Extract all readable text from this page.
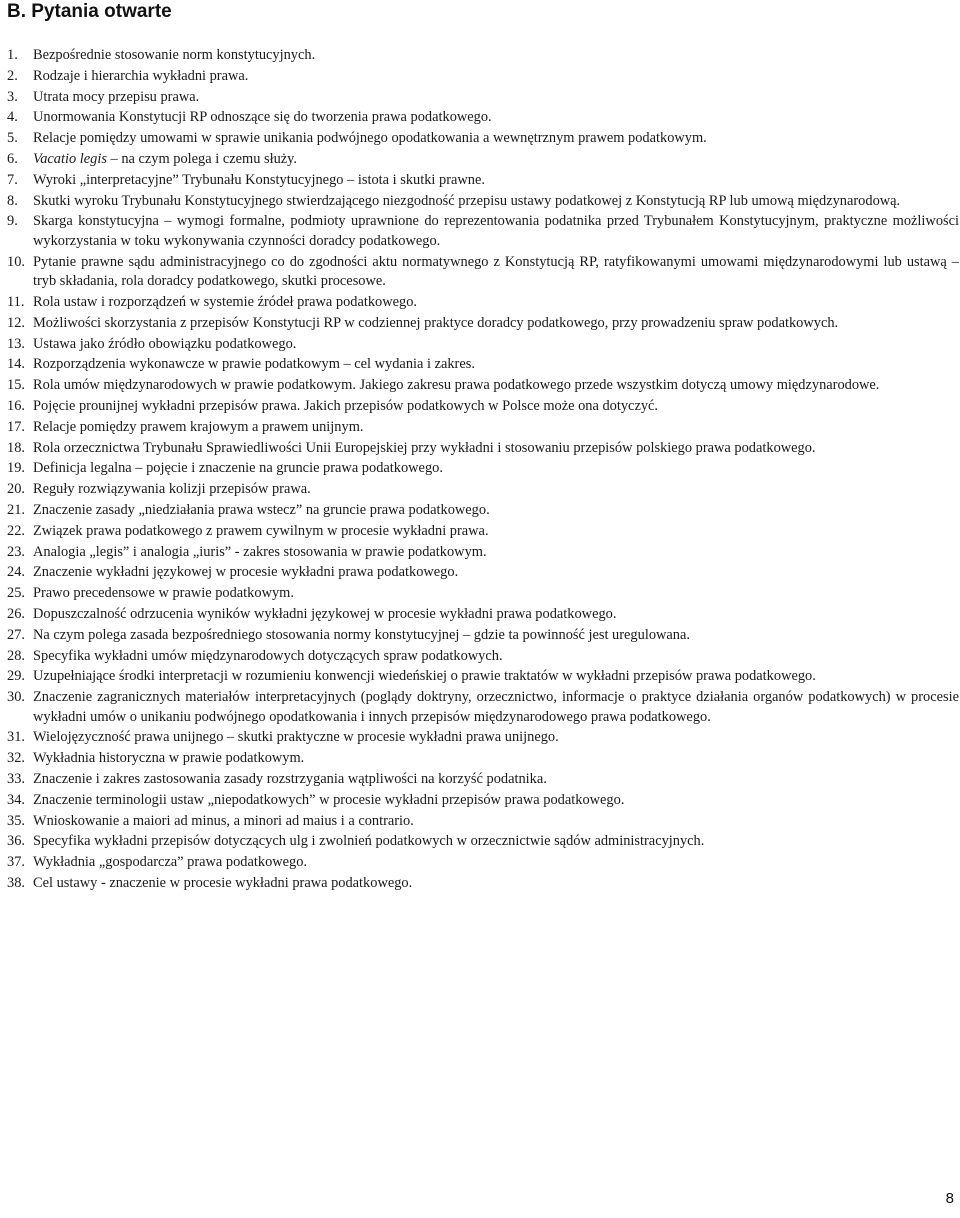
B. Pytania otwarte
1. Bezpośrednie stosowanie norm konstytucyjnych.
2. Rodzaje i hierarchia wykładni prawa.
3. Utrata mocy przepisu prawa.
4. Unormowania Konstytucji RP odnoszące się do tworzenia prawa podatkowego.
5. Relacje pomiędzy umowami w sprawie unikania podwójnego opodatkowania a wewnętrznym prawem podatkowym.
6. Vacatio legis – na czym polega i czemu służy.
7. Wyroki „interpretacyjne” Trybunału Konstytucyjnego – istota i skutki prawne.
8. Skutki wyroku Trybunału Konstytucyjnego stwierdzającego niezgodność przepisu ustawy podatkowej z Konstytucją RP lub umową międzynarodową.
9. Skarga konstytucyjna – wymogi formalne, podmioty uprawnione do reprezentowania podatnika przed Trybunałem Konstytucyjnym, praktyczne możliwości wykorzystania w toku wykonywania czynności doradcy podatkowego.
10. Pytanie prawne sądu administracyjnego co do zgodności aktu normatywnego z Konstytucją RP, ratyfikowanymi umowami międzynarodowymi lub ustawą – tryb składania, rola doradcy podatkowego, skutki procesowe.
11. Rola ustaw i rozporządzeń w systemie źródeł prawa podatkowego.
12. Możliwości skorzystania z przepisów Konstytucji RP w codziennej praktyce doradcy podatkowego, przy prowadzeniu spraw podatkowych.
13. Ustawa jako źródło obowiązku podatkowego.
14. Rozporządzenia wykonawcze w prawie podatkowym – cel wydania i zakres.
15. Rola umów międzynarodowych w prawie podatkowym. Jakiego zakresu prawa podatkowego przede wszystkim dotyczą umowy międzynarodowe.
16. Pojęcie prounijnej wykładni przepisów prawa. Jakich przepisów podatkowych w Polsce może ona dotyczyć.
17. Relacje pomiędzy prawem krajowym a prawem unijnym.
18. Rola orzecznictwa Trybunału Sprawiedliwości Unii Europejskiej przy wykładni i stosowaniu przepisów polskiego prawa podatkowego.
19. Definicja legalna – pojęcie i znaczenie na gruncie prawa podatkowego.
20. Reguły rozwiązywania kolizji przepisów prawa.
21. Znaczenie zasady „niedziałania prawa wstecz” na gruncie prawa podatkowego.
22. Związek prawa podatkowego z prawem cywilnym w procesie wykładni prawa.
23. Analogia „legis” i analogia „iuris” - zakres stosowania w prawie podatkowym.
24. Znaczenie wykładni językowej w procesie wykładni prawa podatkowego.
25. Prawo precedensowe w prawie podatkowym.
26. Dopuszczalność odrzucenia wyników wykładni językowej w procesie wykładni prawa podatkowego.
27. Na czym polega zasada bezpośredniego stosowania normy konstytucyjnej – gdzie ta powinność jest uregulowana.
28. Specyfika wykładni umów międzynarodowych dotyczących spraw podatkowych.
29. Uzupełniające środki interpretacji w rozumieniu konwencji wiedeńskiej o prawie traktatów w wykładni przepisów prawa podatkowego.
30. Znaczenie zagranicznych materiałów interpretacyjnych (poglądy doktryny, orzecznictwo, informacje o praktyce działania organów podatkowych) w procesie wykładni umów o unikaniu podwójnego opodatkowania i innych przepisów międzynarodowego prawa podatkowego.
31. Wielojęzyczność prawa unijnego – skutki praktyczne w procesie wykładni prawa unijnego.
32. Wykładnia historyczna w prawie podatkowym.
33. Znaczenie i zakres zastosowania zasady rozstrzygania wątpliwości na korzyść podatnika.
34. Znaczenie terminologii ustaw „niepodatkowych” w procesie wykładni przepisów prawa podatkowego.
35. Wnioskowanie a maiori ad minus, a minori ad maius i a contrario.
36. Specyfika wykładni przepisów dotyczących ulg i zwolnień podatkowych w orzecznictwie sądów administracyjnych.
37. Wykładnia „gospodarcza” prawa podatkowego.
38. Cel ustawy - znaczenie w procesie wykładni prawa podatkowego.
8
